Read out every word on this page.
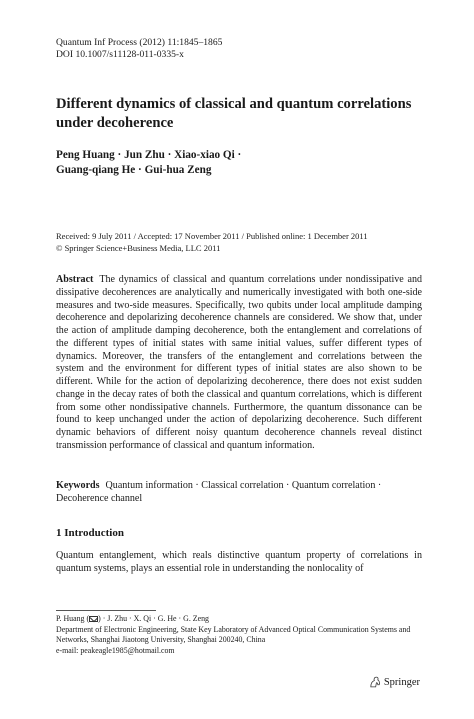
Quantum Inf Process (2012) 11:1845–1865
DOI 10.1007/s11128-011-0335-x
Different dynamics of classical and quantum correlations under decoherence
Peng Huang · Jun Zhu · Xiao-xiao Qi ·
Guang-qiang He · Gui-hua Zeng
Received: 9 July 2011 / Accepted: 17 November 2011 / Published online: 1 December 2011
© Springer Science+Business Media, LLC 2011
Abstract The dynamics of classical and quantum correlations under nondissipative and dissipative decoherences are analytically and numerically investigated with both one-side measures and two-side measures. Specifically, two qubits under local amplitude damping decoherence and depolarizing decoherence channels are considered. We show that, under the action of amplitude damping decoherence, both the entanglement and correlations of the different types of initial states with same initial values, suffer different types of dynamics. Moreover, the transfers of the entanglement and correlations between the system and the environment for different types of initial states are also shown to be different. While for the action of depolarizing decoherence, there does not exist sudden change in the decay rates of both the classical and quantum correlations, which is different from some other nondissipative channels. Furthermore, the quantum dissonance can be found to keep unchanged under the action of depolarizing decoherence. Such different dynamic behaviors of different noisy quantum decoherence channels reveal distinct transmission performance of classical and quantum information.
Keywords Quantum information · Classical correlation · Quantum correlation · Decoherence channel
1 Introduction
Quantum entanglement, which reals distinctive quantum property of correlations in quantum systems, plays an essential role in understanding the nonlocality of
P. Huang ( ) · J. Zhu · X. Qi · G. He · G. Zeng
Department of Electronic Engineering, State Key Laboratory of Advanced Optical Communication Systems and Networks, Shanghai Jiaotong University, Shanghai 200240, China
e-mail: peakeagle1985@hotmail.com
Springer
